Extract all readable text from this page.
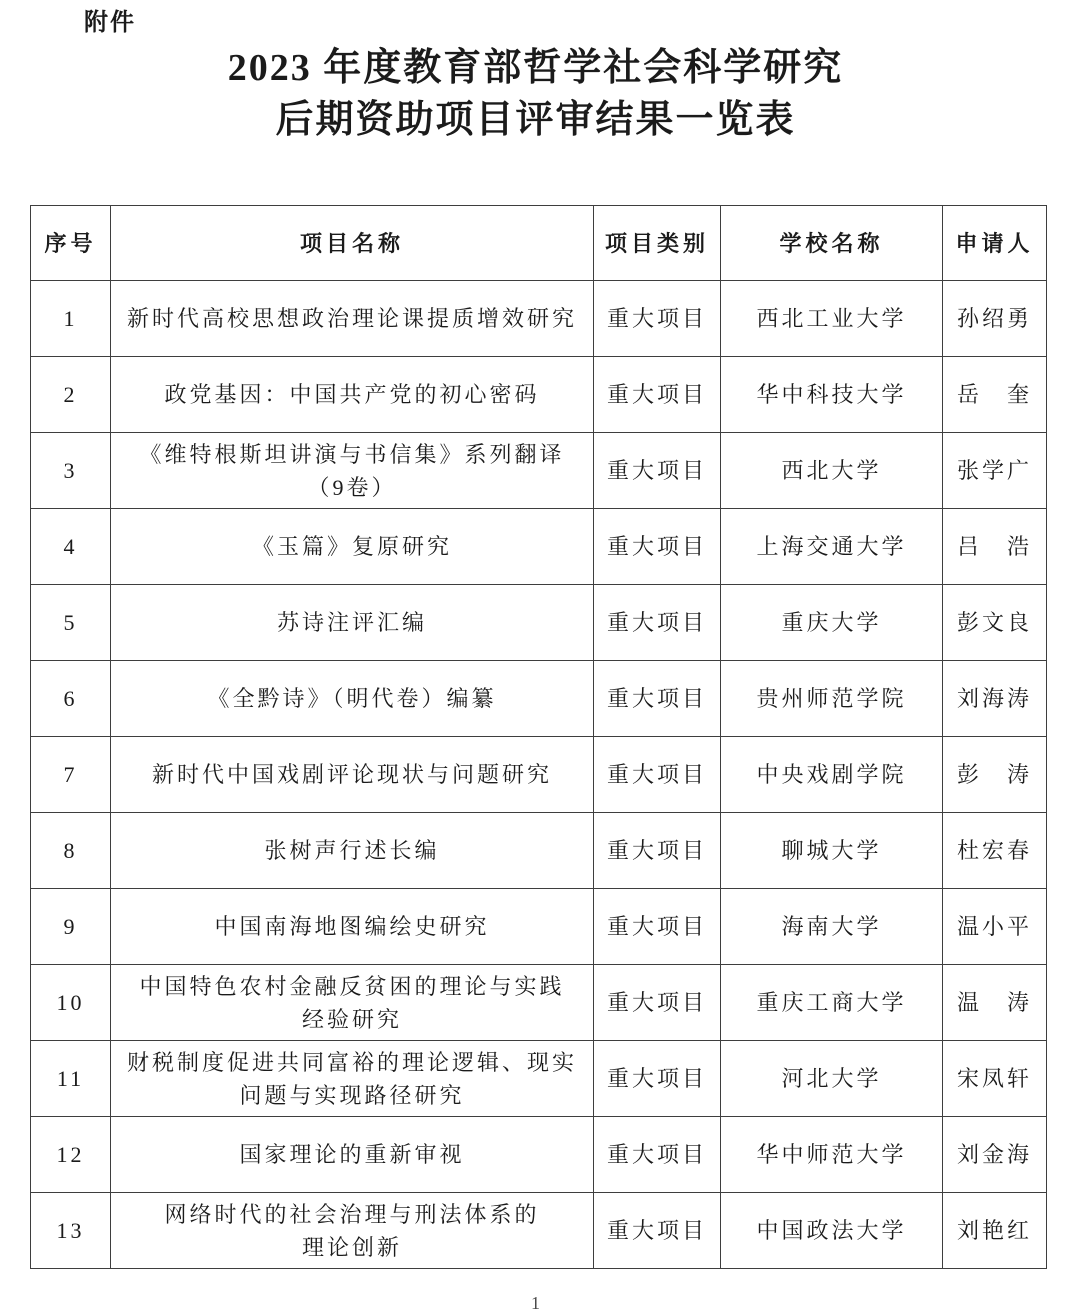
附件
2023 年度教育部哲学社会科学研究
后期资助项目评审结果一览表
序号	项目名称	项目类别	学校名称	申请人
1	新时代高校思想政治理论课提质增效研究	重大项目	西北工业大学	孙绍勇
2	政党基因：中国共产党的初心密码	重大项目	华中科技大学	岳　奎
3	《维特根斯坦讲演与书信集》系列翻译
（9卷）	重大项目	西北大学	张学广
4	《玉篇》复原研究	重大项目	上海交通大学	吕　浩
5	苏诗注评汇编	重大项目	重庆大学	彭文良
6	《全黔诗》（明代卷）编纂	重大项目	贵州师范学院	刘海涛
7	新时代中国戏剧评论现状与问题研究	重大项目	中央戏剧学院	彭　涛
8	张树声行述长编	重大项目	聊城大学	杜宏春
9	中国南海地图编绘史研究	重大项目	海南大学	温小平
10	中国特色农村金融反贫困的理论与实践
经验研究	重大项目	重庆工商大学	温　涛
11	财税制度促进共同富裕的理论逻辑、现实
问题与实现路径研究	重大项目	河北大学	宋凤轩
12	国家理论的重新审视	重大项目	华中师范大学	刘金海
13	网络时代的社会治理与刑法体系的
理论创新	重大项目	中国政法大学	刘艳红
1
